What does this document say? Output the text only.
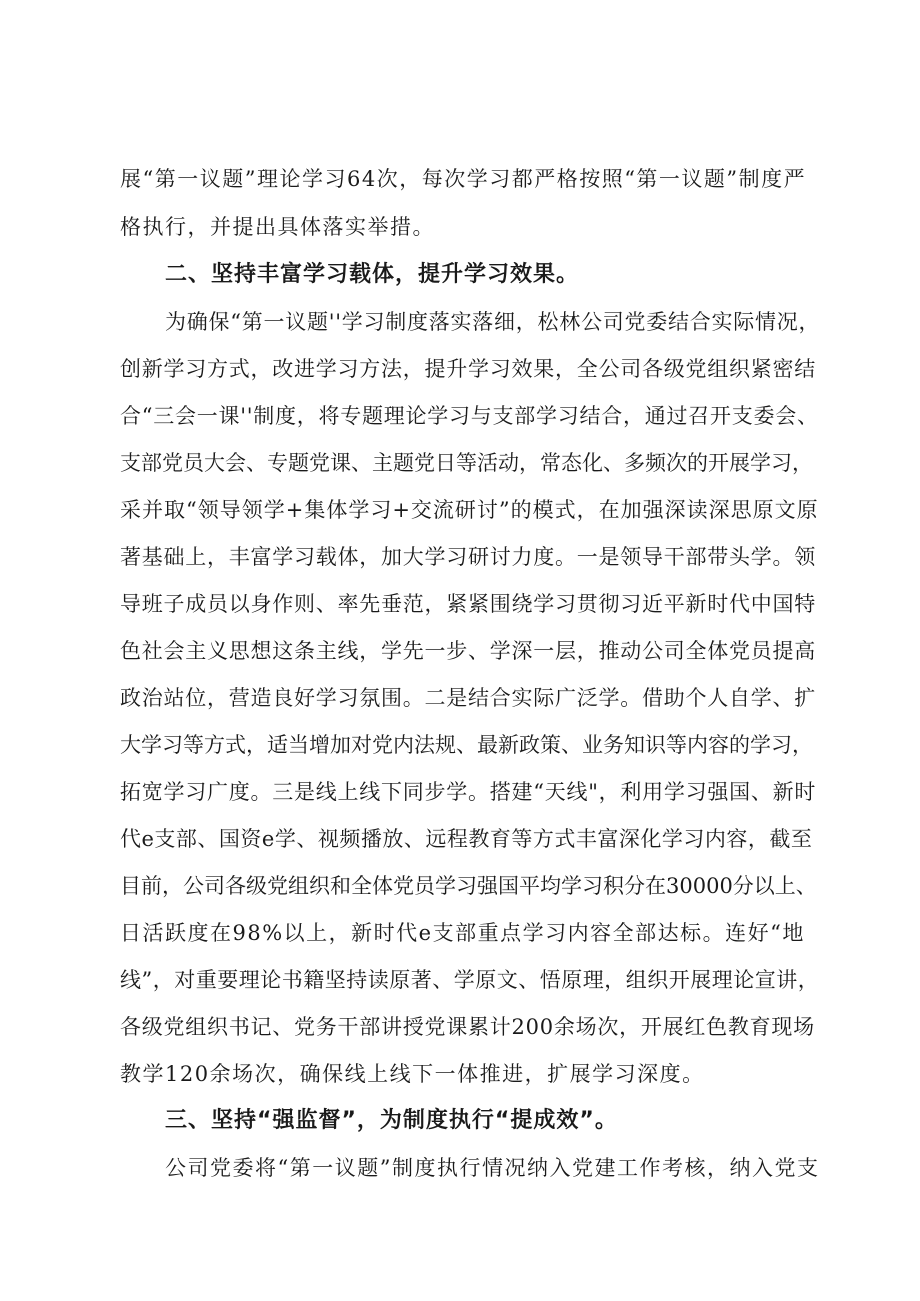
展“第一议题”理论学习64次，每次学习都严格按照“第一议题”制度严
格执行，并提出具体落实举措。
二、坚持丰富学习载体，提升学习效果。
为确保“第一议题''学习制度落实落细，松林公司党委结合实际情况，
创新学习方式，改进学习方法，提升学习效果，全公司各级党组织紧密结
合“三会一课''制度，将专题理论学习与支部学习结合，通过召开支委会、
支部党员大会、专题党课、主题党日等活动，常态化、多频次的开展学习，
采并取“领导领学+集体学习+交流研讨”的模式，在加强深读深思原文原
著基础上，丰富学习载体，加大学习研讨力度。一是领导干部带头学。领
导班子成员以身作则、率先垂范，紧紧围绕学习贯彻习近平新时代中国特
色社会主义思想这条主线，学先一步、学深一层，推动公司全体党员提高
政治站位，营造良好学习氛围。二是结合实际广泛学。借助个人自学、扩
大学习等方式，适当增加对党内法规、最新政策、业务知识等内容的学习，
拓宽学习广度。三是线上线下同步学。搭建“天线"，利用学习强国、新时
代e支部、国资e学、视频播放、远程教育等方式丰富深化学习内容，截至
目前，公司各级党组织和全体党员学习强国平均学习积分在30000分以上、
日活跃度在98%以上，新时代e支部重点学习内容全部达标。连好“地
线”，对重要理论书籍坚持读原著、学原文、悟原理，组织开展理论宣讲，
各级党组织书记、党务干部讲授党课累计200余场次，开展红色教育现场
教学120余场次，确保线上线下一体推进，扩展学习深度。
三、坚持“强监督”，为制度执行“提成效”。
公司党委将“第一议题”制度执行情况纳入党建工作考核，纳入党支
